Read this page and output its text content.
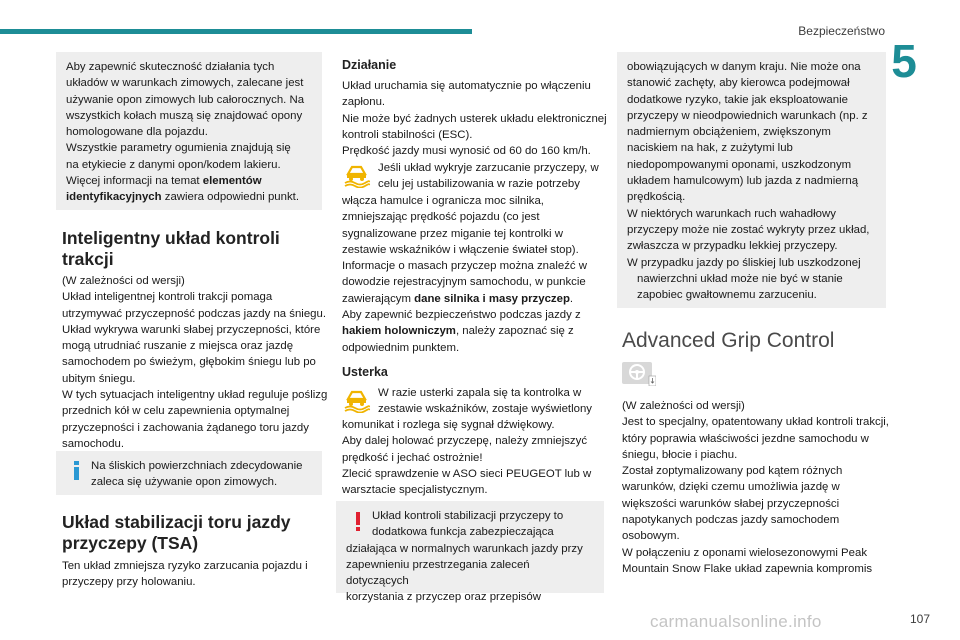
Bezpieczeństwo
5
107
carmanualsonline.info

Aby zapewnić skuteczność działania tych

układów w warunkach zimowych, zalecane jest

używanie opon zimowych lub całorocznych. Na

wszystkich kołach muszą się znajdować opony

homologowane dla pojazdu.

Wszystkie parametry ogumienia znajdują się

na etykiecie z danymi opon/kodem lakieru.

Więcej informacji na temat elementów

identyfikacyjnych zawiera odpowiedni punkt.

Inteligentny układ kontroli
trakcji

(W zależności od wersji)

Układ inteligentnej kontroli trakcji pomaga

utrzymywać przyczepność podczas jazdy na śniegu.

Układ wykrywa warunki słabej przyczepności, które

mogą utrudniać ruszanie z miejsca oraz jazdę

samochodem po świeżym, głębokim śniegu lub po

ubitym śniegu.

W tych sytuacjach inteligentny układ reguluje poślizg

przednich kół w celu zapewnienia optymalnej

przyczepności i zachowania żądanego toru jazdy

samochodu.

Na śliskich powierzchniach zdecydowanie

zaleca się używanie opon zimowych.

Układ stabilizacji toru jazdy
przyczepy (TSA)

Ten układ zmniejsza ryzyko zarzucania pojazdu i

przyczepy przy holowaniu.

Działanie

Układ uruchamia się automatycznie po włączeniu

zapłonu.

Nie może być żadnych usterek układu elektronicznej

kontroli stabilności (ESC).

Prędkość jazdy musi wynosić od 60 do 160 km/h.

Jeśli układ wykryje zarzucanie przyczepy, w

celu jej ustabilizowania w razie potrzeby

włącza hamulce i ogranicza moc silnika,

zmniejszając prędkość pojazdu (co jest

sygnalizowane przez miganie tej kontrolki w

zestawie wskaźników i włączenie świateł stop).

Informacje o masach przyczep można znaleźć w

dowodzie rejestracyjnym samochodu, w punkcie

zawierającym dane silnika i masy przyczep.

Aby zapewnić bezpieczeństwo podczas jazdy z

hakiem holowniczym, należy zapoznać się z

odpowiednim punktem.

Usterka

W razie usterki zapala się ta kontrolka w

zestawie wskaźników, zostaje wyświetlony

komunikat i rozlega się sygnał dźwiękowy.

Aby dalej holować przyczepę, należy zmniejszyć

prędkość i jechać ostrożnie!

Zlecić sprawdzenie w ASO sieci PEUGEOT lub w

warsztacie specjalistycznym.

Układ kontroli stabilizacji przyczepy to

dodatkowa funkcja zabezpieczająca

działająca w normalnych warunkach jazdy przy

zapewnieniu przestrzegania zaleceń dotyczących

korzystania z przyczep oraz przepisów

obowiązujących w danym kraju. Nie może ona

stanowić zachęty, aby kierowca podejmował

dodatkowe ryzyko, takie jak eksploatowanie

przyczepy w nieodpowiednich warunkach (np. z

nadmiernym obciążeniem, zwiększonym

naciskiem na hak, z zużytymi lub

niedopompowanymi oponami, uszkodzonym

układem hamulcowym) lub jazda z nadmierną

prędkością.

W niektórych warunkach ruch wahadłowy

przyczepy może nie zostać wykryty przez układ,

zwłaszcza w przypadku lekkiej przyczepy.

W przypadku jazdy po śliskiej lub uszkodzonej

nawierzchni układ może nie być w stanie

zapobiec gwałtownemu zarzuceniu.

Advanced Grip Control

(W zależności od wersji)

Jest to specjalny, opatentowany układ kontroli trakcji,

który poprawia właściwości jezdne samochodu w

śniegu, błocie i piachu.

Został zoptymalizowany pod kątem różnych

warunków, dzięki czemu umożliwia jazdę w

większości warunków słabej przyczepności

napotykanych podczas jazdy samochodem

osobowym.

W połączeniu z oponami wielosezonowymi Peak

Mountain Snow Flake układ zapewnia kompromis
